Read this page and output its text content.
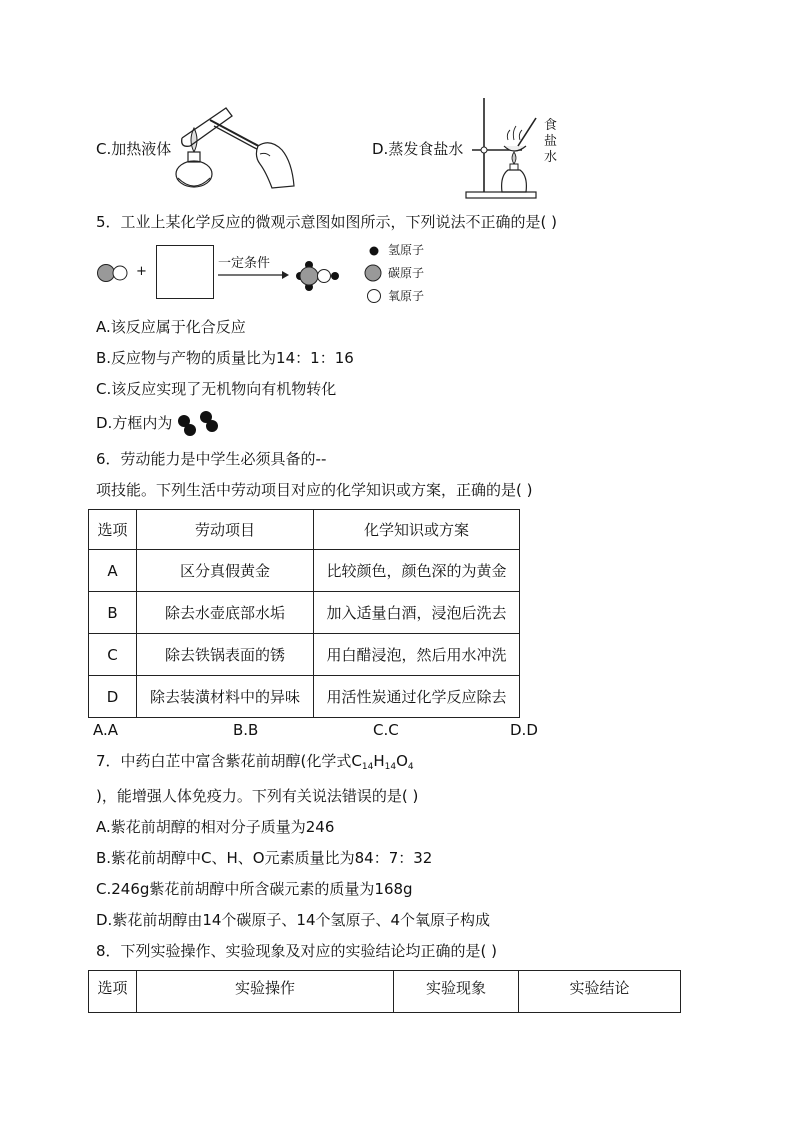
C.加热液体	D.蒸发食盐水
食
盐
水
5．工业上某化学反应的微观示意图如图所示，下列说法不正确的是( )
+
一定条件
氢原子
碳原子
氧原子
A.该反应属于化合反应
B.反应物与产物的质量比为14：1：16
C.该反应实现了无机物向有机物转化
D.方框内为
6．劳动能力是中学生必须具备的--
项技能。下列生活中劳动项目对应的化学知识或方案，正确的是( )
选项	劳动项目	化学知识或方案
A	区分真假黄金	比较颜色，颜色深的为黄金
B	除去水壶底部水垢	加入适量白酒，浸泡后洗去
C	除去铁锅表面的锈	用白醋浸泡，然后用水冲洗
D	除去装潢材料中的异味	用活性炭通过化学反应除去
A.A	B.B	C.C	D.D
7．中药白芷中富含紫花前胡醇(化学式$C_{14}H_{14}O_4$
)，能增强人体免疫力。下列有关说法错误的是( )
A.紫花前胡醇的相对分子质量为246
B.紫花前胡醇中C、H、O元素质量比为84：7：32
C.246g紫花前胡醇中所含碳元素的质量为168g
D.紫花前胡醇由14个碳原子、14个氢原子、4个氧原子构成
8．下列实验操作、实验现象及对应的实验结论均正确的是( )
选项	实验操作	实验现象	实验结论
